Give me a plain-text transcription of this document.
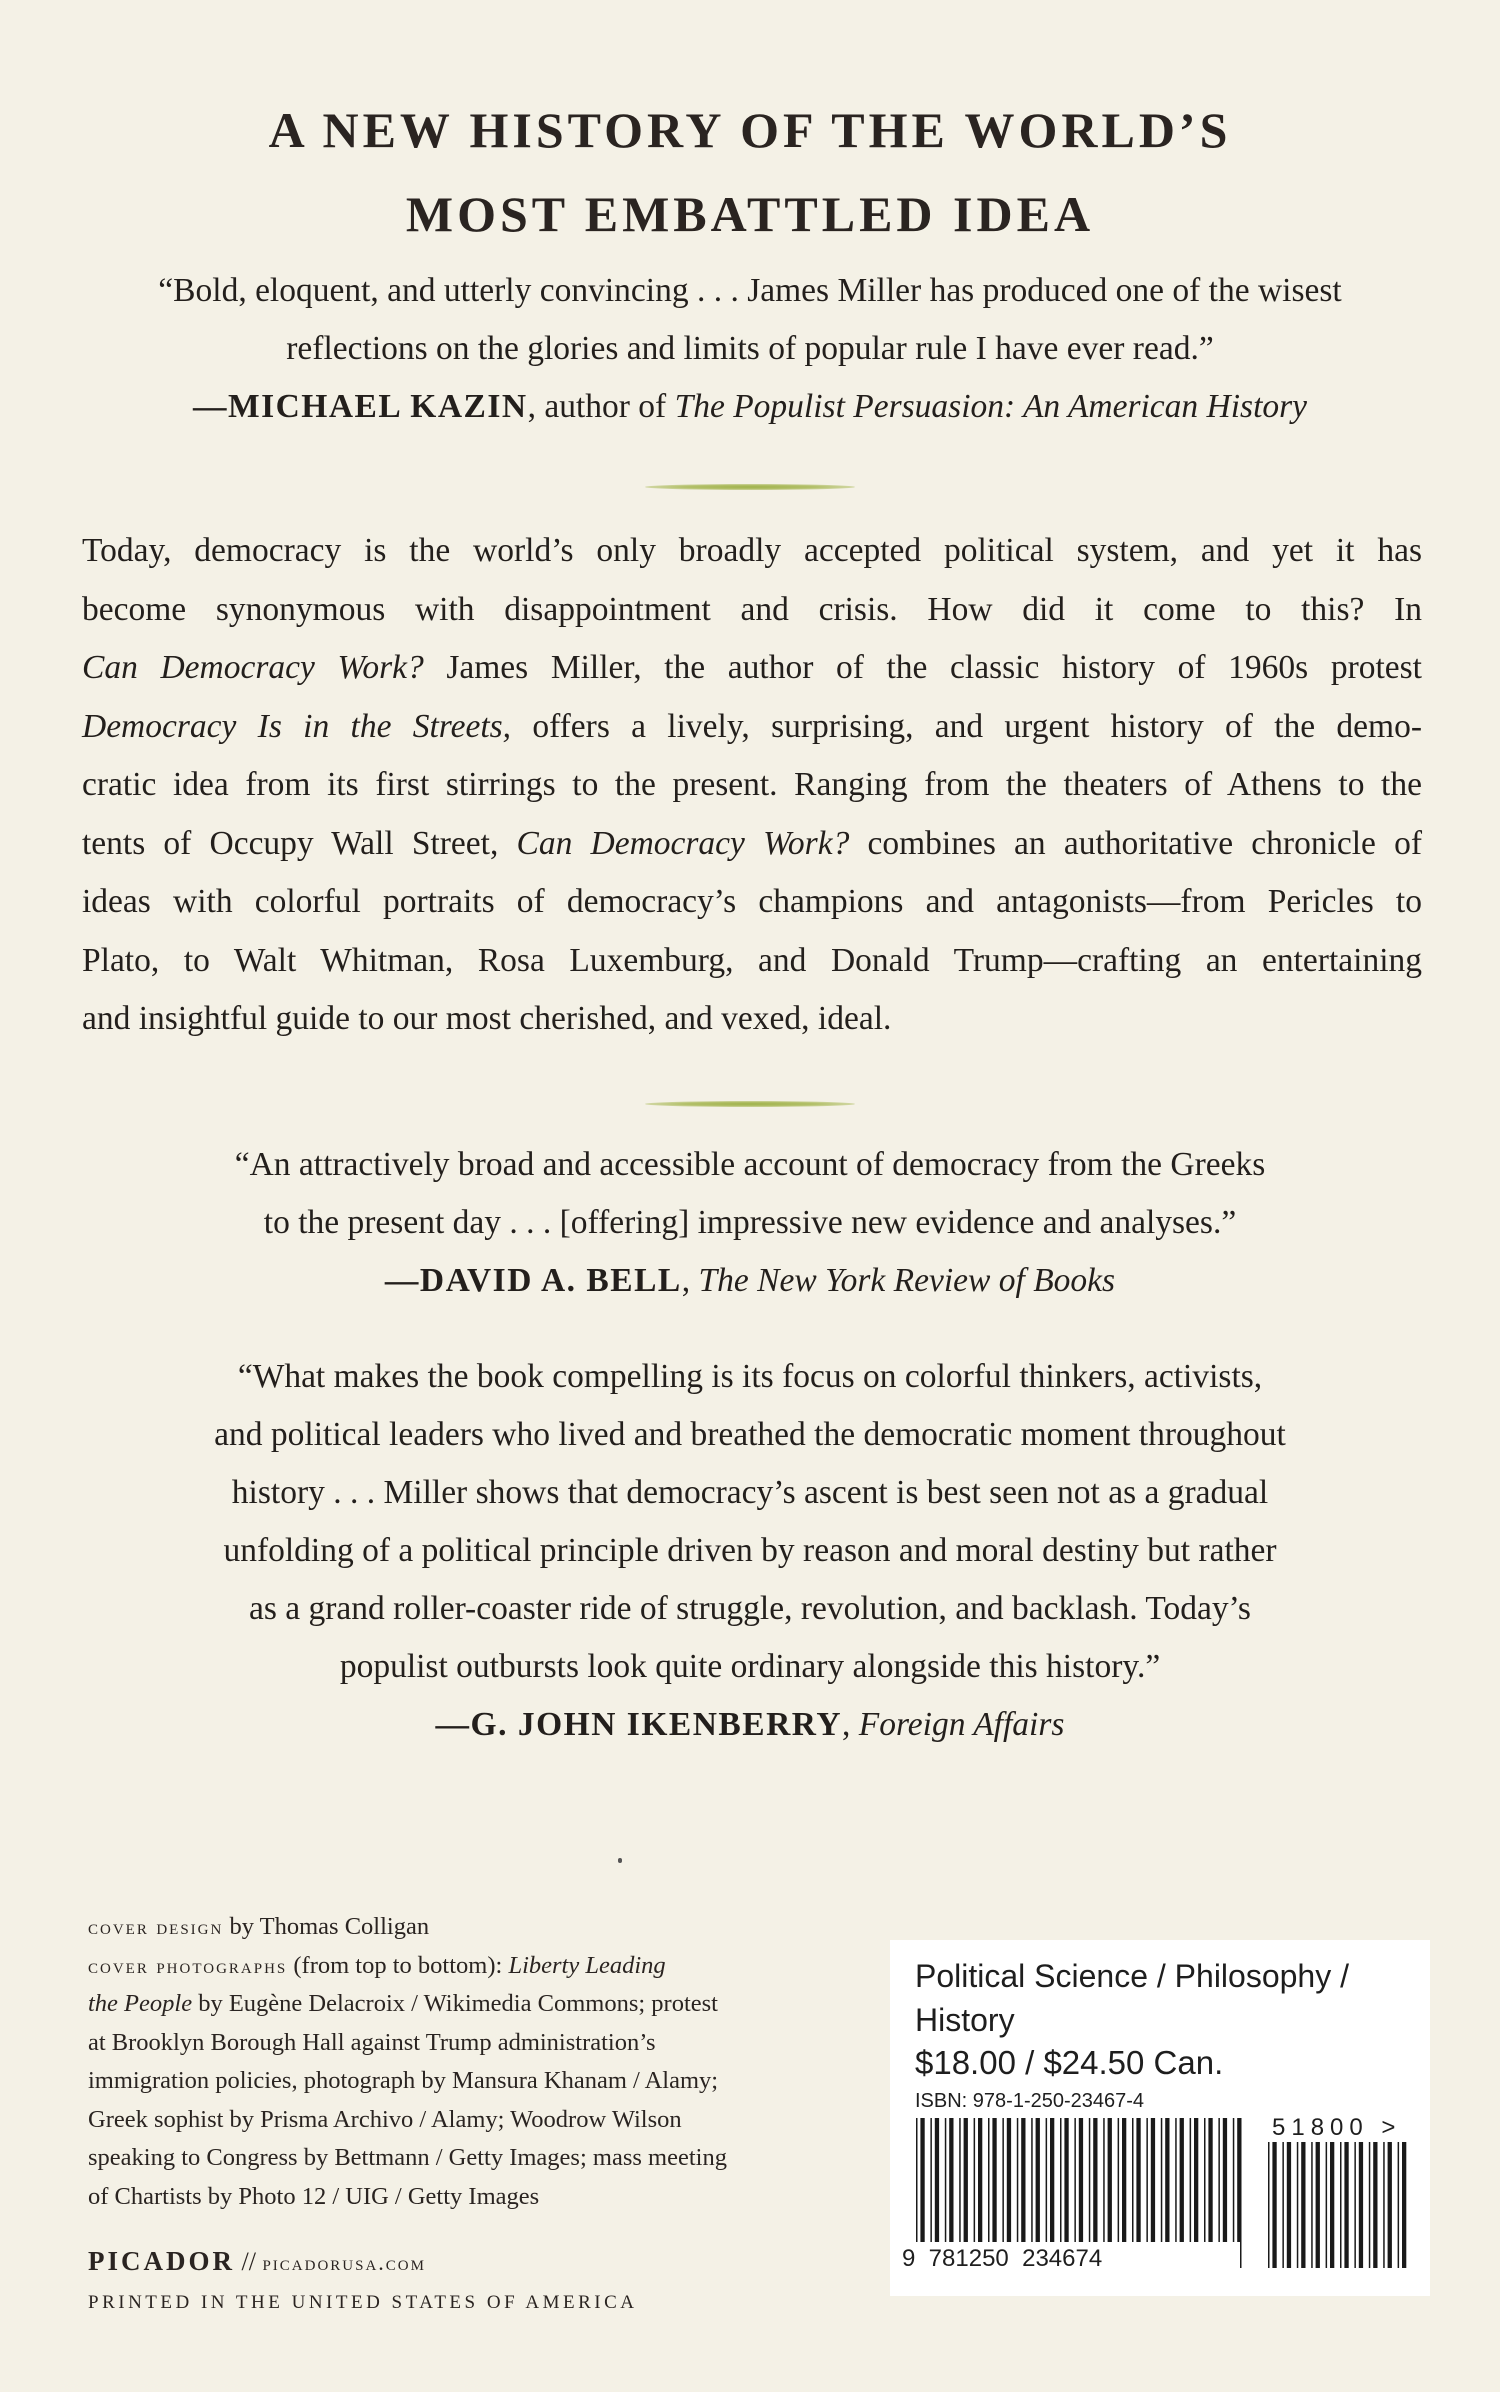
A NEW HISTORY OF THE WORLD’S
MOST EMBATTLED IDEA
“Bold, eloquent, and utterly convincing . . . James Miller has produced one of the wisest
reflections on the glories and limits of popular rule I have ever read.”
—MICHAEL KAZIN, author of The Populist Persuasion: An American History
Today, democracy is the world’s only broadly accepted political system, and yet it has
become synonymous with disappointment and crisis. How did it come to this? In
Can Democracy Work? James Miller, the author of the classic history of 1960s protest
Democracy Is in the Streets, offers a lively, surprising, and urgent history of the demo-
cratic idea from its first stirrings to the present. Ranging from the theaters of Athens to the
tents of Occupy Wall Street, Can Democracy Work? combines an authoritative chronicle of
ideas with colorful portraits of democracy’s champions and antagonists—from Pericles to
Plato, to Walt Whitman, Rosa Luxemburg, and Donald Trump—crafting an entertaining
and insightful guide to our most cherished, and vexed, ideal.
“An attractively broad and accessible account of democracy from the Greeks
to the present day . . . [offering] impressive new evidence and analyses.”
—DAVID A. BELL, The New York Review of Books
“What makes the book compelling is its focus on colorful thinkers, activists,
and political leaders who lived and breathed the democratic moment throughout
history . . . Miller shows that democracy’s ascent is best seen not as a gradual
unfolding of a political principle driven by reason and moral destiny but rather
as a grand roller-coaster ride of struggle, revolution, and backlash. Today’s
populist outbursts look quite ordinary alongside this history.”
—G. JOHN IKENBERRY, Foreign Affairs
cover design by Thomas Colligan
cover photographs (from top to bottom): Liberty Leading
the People by Eugène Delacroix / Wikimedia Commons; protest
at Brooklyn Borough Hall against Trump administration’s
immigration policies, photograph by Mansura Khanam / Alamy;
Greek sophist by Prisma Archivo / Alamy; Woodrow Wilson
speaking to Congress by Bettmann / Getty Images; mass meeting
of Chartists by Photo 12 / UIG / Getty Images
PICADOR // picadorusa.com
PRINTED IN THE UNITED STATES OF AMERICA
Political Science / Philosophy /
History
$18.00 / $24.50 Can.
ISBN: 978-1-250-23467-4
9  781250  234674
51800 >
